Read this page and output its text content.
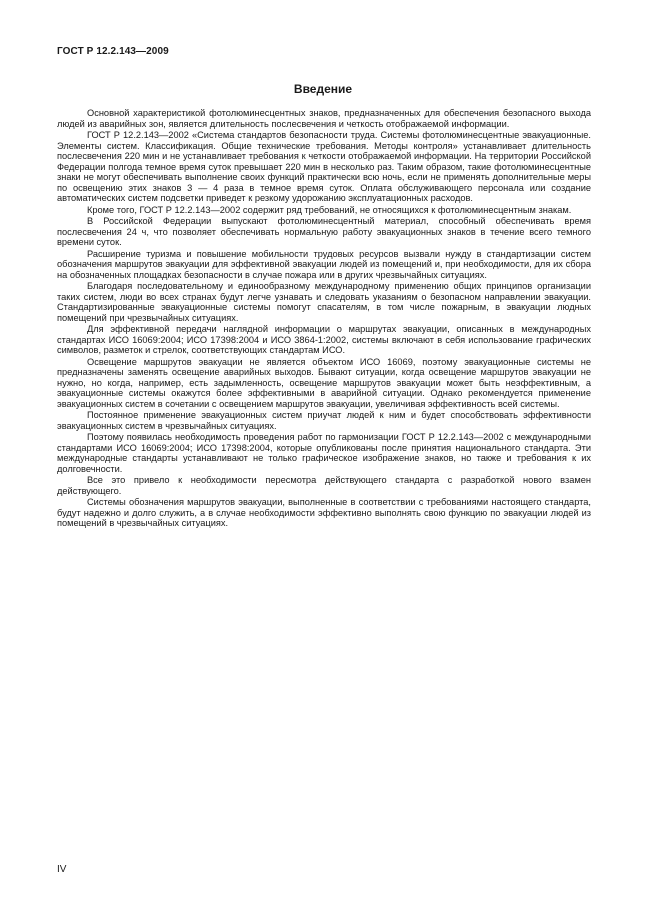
ГОСТ Р 12.2.143—2009
Введение

Основной характеристикой фотолюминесцентных знаков, предназначенных для обеспечения безопасного выхода людей из аварийных зон, является длительность послесвечения и четкость отображаемой информации.

ГОСТ Р 12.2.143—2002 «Система стандартов безопасности труда. Системы фотолюминесцентные эвакуационные. Элементы систем. Классификация. Общие технические требования. Методы контроля» устанавливает длительность послесвечения 220 мин и не устанавливает требования к четкости отображаемой информации. На территории Российской Федерации полгода темное время суток превышает 220 мин в несколько раз. Таким образом, такие фотолюминесцентные знаки не могут обеспечивать выполнение своих функций практически всю ночь, если не применять дополнительные меры по освещению этих знаков 3 — 4 раза в темное время суток. Оплата обслуживающего персонала или создание автоматических систем подсветки приведет к резкому удорожанию эксплуатационных расходов.

Кроме того, ГОСТ Р 12.2.143—2002 содержит ряд требований, не относящихся к фотолюминесцентным знакам.

В Российской Федерации выпускают фотолюминесцентный материал, способный обеспечивать время послесвечения 24 ч, что позволяет обеспечивать нормальную работу эвакуационных знаков в течение всего темного времени суток.

Расширение туризма и повышение мобильности трудовых ресурсов вызвали нужду в стандартизации систем обозначения маршрутов эвакуации для эффективной эвакуации людей из помещений и, при необходимости, для их сбора на обозначенных площадках безопасности в случае пожара или в других чрезвычайных ситуациях.

Благодаря последовательному и единообразному международному применению общих принципов организации таких систем, люди во всех странах будут легче узнавать и следовать указаниям о безопасном направлении эвакуации. Стандартизированные эвакуационные системы помогут спасателям, в том числе пожарным, в эвакуации людных помещений при чрезвычайных ситуациях.

Для эффективной передачи наглядной информации о маршрутах эвакуации, описанных в международных стандартах ИСО 16069:2004; ИСО 17398:2004 и ИСО 3864-1:2002, системы включают в себя использование графических символов, разметок и стрелок, соответствующих стандартам ИСО.

Освещение маршрутов эвакуации не является объектом ИСО 16069, поэтому эвакуационные системы не предназначены заменять освещение аварийных выходов. Бывают ситуации, когда освещение маршрутов эвакуации не нужно, но когда, например, есть задымленность, освещение маршрутов эвакуации может быть неэффективным, а эвакуационные системы окажутся более эффективными в аварийной ситуации. Однако рекомендуется применение эвакуационных систем в сочетании с освещением маршрутов эвакуации, увеличивая эффективность всей системы.

Постоянное применение эвакуационных систем приучат людей к ним и будет способствовать эффективности эвакуационных систем в чрезвычайных ситуациях.

Поэтому появилась необходимость проведения работ по гармонизации ГОСТ Р 12.2.143—2002 с международными стандартами ИСО 16069:2004; ИСО 17398:2004, которые опубликованы после принятия национального стандарта. Эти международные стандарты устанавливают не только графическое изображение знаков, но также и требования к их долговечности.

Все это привело к необходимости пересмотра действующего стандарта с разработкой нового взамен действующего.

Системы обозначения маршрутов эвакуации, выполненные в соответствии с требованиями настоящего стандарта, будут надежно и долго служить, а в случае необходимости эффективно выполнять свою функцию по эвакуации людей из помещений в чрезвычайных ситуациях.

IV
